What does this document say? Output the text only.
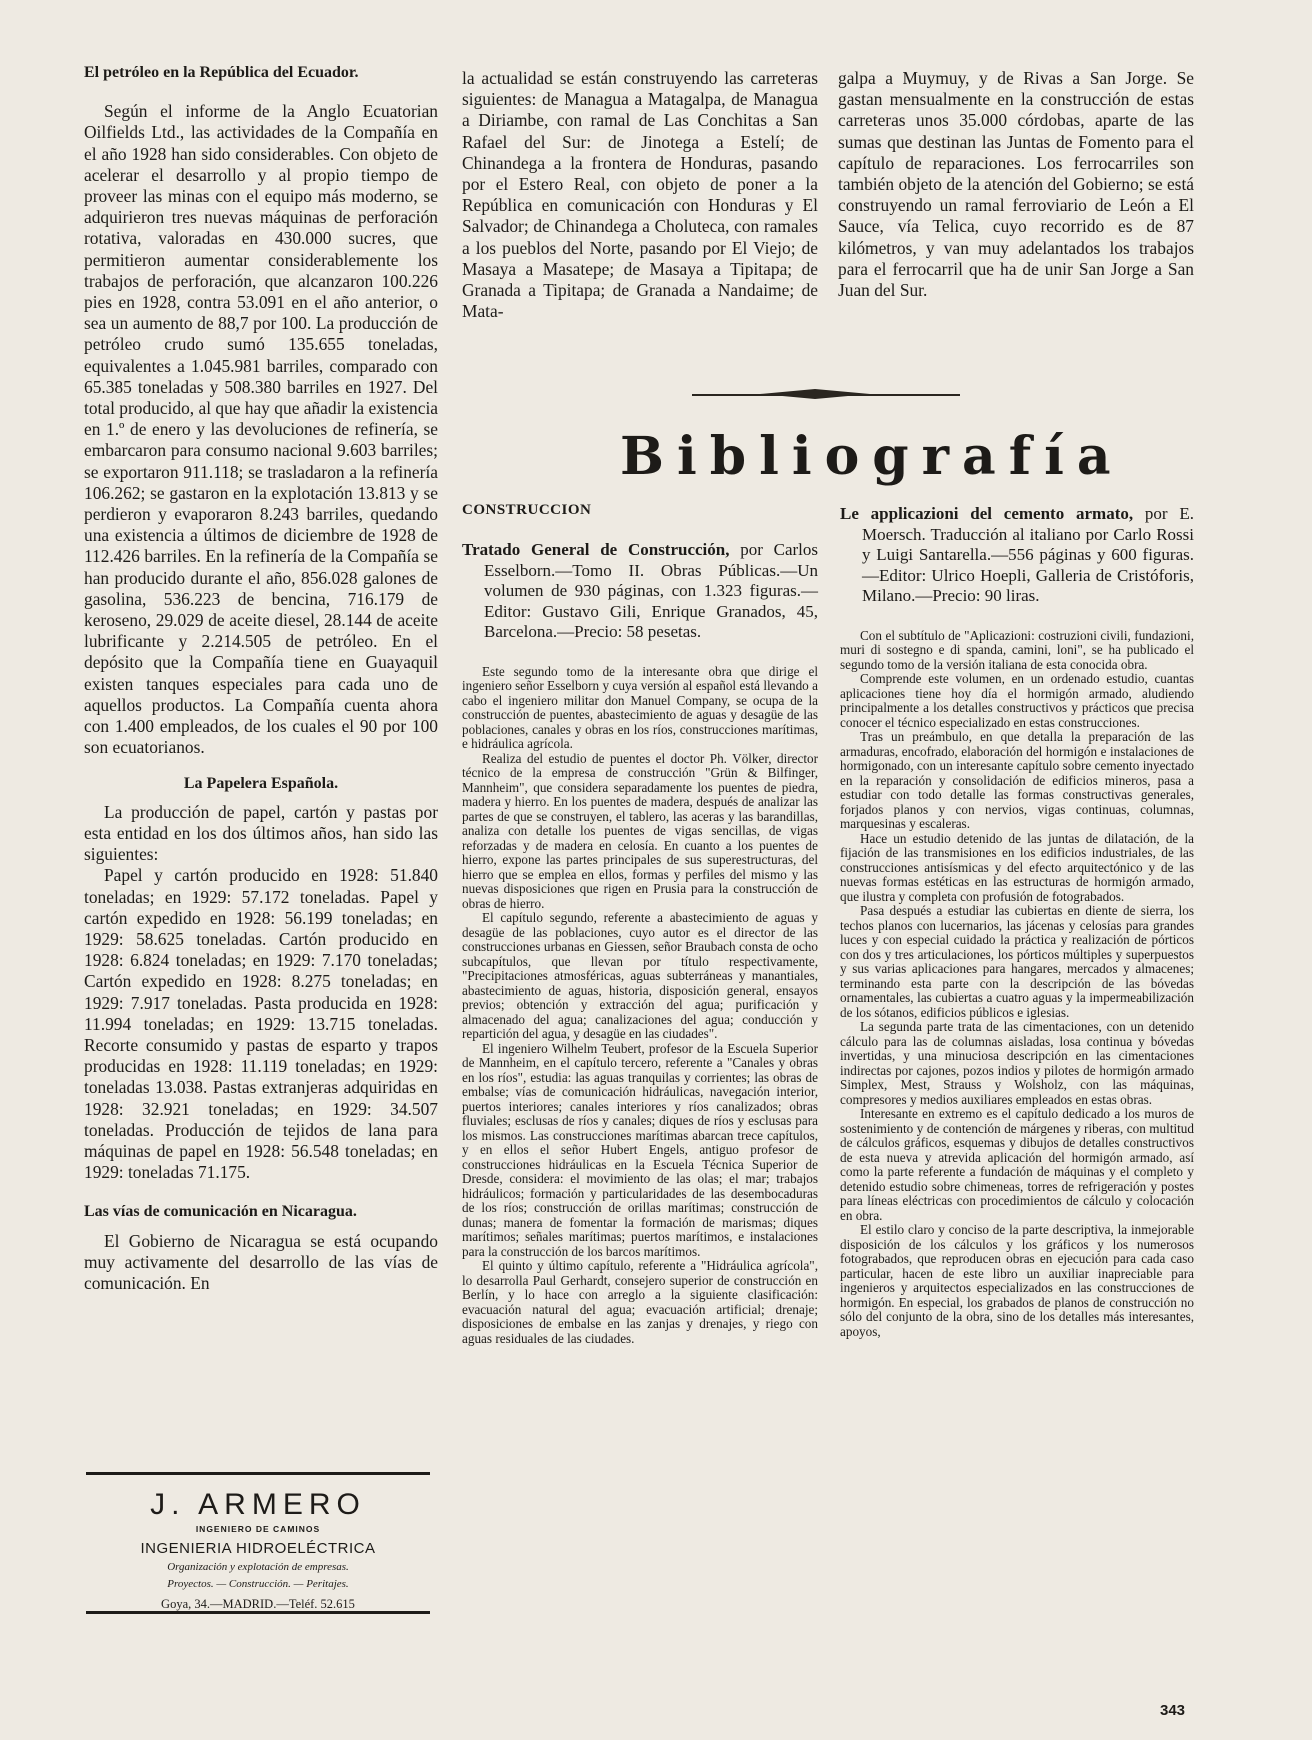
El petróleo en la República del Ecuador.

Según el informe de la Anglo Ecuatorian Oilfields Ltd., las actividades de la Compañía en el año 1928 han sido considerables. Con objeto de acelerar el desarrollo y al propio tiempo de proveer las minas con el equipo más moderno, se adquirieron tres nuevas máquinas de perforación rotativa, valoradas en 430.000 sucres, que permitieron aumentar considerablemente los trabajos de perforación, que alcanzaron 100.226 pies en 1928, contra 53.091 en el año anterior, o sea un aumento de 88,7 por 100. La producción de petróleo crudo sumó 135.655 toneladas, equivalentes a 1.045.981 barriles, comparado con 65.385 toneladas y 508.380 barriles en 1927. Del total producido, al que hay que añadir la existencia en 1.º de enero y las devoluciones de refinería, se embarcaron para consumo nacional 9.603 barriles; se exportaron 911.118; se trasladaron a la refinería 106.262; se gastaron en la explotación 13.813 y se perdieron y evaporaron 8.243 barriles, quedando una existencia a últimos de diciembre de 1928 de 112.426 barriles. En la refinería de la Compañía se han producido durante el año, 856.028 galones de gasolina, 536.223 de bencina, 716.179 de keroseno, 29.029 de aceite diesel, 28.144 de aceite lubrificante y 2.214.505 de petróleo. En el depósito que la Compañía tiene en Guayaquil existen tanques especiales para cada uno de aquellos productos. La Compañía cuenta ahora con 1.400 empleados, de los cuales el 90 por 100 son ecuatorianos.

La Papelera Española.

La producción de papel, cartón y pastas por esta entidad en los dos últimos años, han sido las siguientes:

Papel y cartón producido en 1928: 51.840 toneladas; en 1929: 57.172 toneladas. Papel y cartón expedido en 1928: 56.199 toneladas; en 1929: 58.625 toneladas. Cartón producido en 1928: 6.824 toneladas; en 1929: 7.170 toneladas; Cartón expedido en 1928: 8.275 toneladas; en 1929: 7.917 toneladas. Pasta producida en 1928: 11.994 toneladas; en 1929: 13.715 toneladas. Recorte consumido y pastas de esparto y trapos producidas en 1928: 11.119 toneladas; en 1929: toneladas 13.038. Pastas extranjeras adquiridas en 1928: 32.921 toneladas; en 1929: 34.507 toneladas. Producción de tejidos de lana para máquinas de papel en 1928: 56.548 toneladas; en 1929: toneladas 71.175.

Las vías de comunicación en Nicaragua.

El Gobierno de Nicaragua se está ocupando muy activamente del desarrollo de las vías de comunicación. En

la actualidad se están construyendo las carreteras siguientes: de Managua a Matagalpa, de Managua a Diriambe, con ramal de Las Conchitas a San Rafael del Sur: de Jinotega a Estelí; de Chinandega a la frontera de Honduras, pasando por el Estero Real, con objeto de poner a la República en comunicación con Honduras y El Salvador; de Chinandega a Choluteca, con ramales a los pueblos del Norte, pasando por El Viejo; de Masaya a Masatepe; de Masaya a Tipitapa; de Granada a Tipitapa; de Granada a Nandaime; de Mata-

galpa a Muymuy, y de Rivas a San Jorge. Se gastan mensualmente en la construcción de estas carreteras unos 35.000 córdobas, aparte de las sumas que destinan las Juntas de Fomento para el capítulo de reparaciones. Los ferrocarriles son también objeto de la atención del Gobierno; se está construyendo un ramal ferroviario de León a El Sauce, vía Telica, cuyo recorrido es de 87 kilómetros, y van muy adelantados los trabajos para el ferrocarril que ha de unir San Jorge a San Juan del Sur.

Bibliografía
CONSTRUCCION
Tratado General de Construcción, por Carlos Esselborn.—Tomo II. Obras Públicas.—Un volumen de 930 páginas, con 1.323 figuras.—Editor: Gustavo Gili, Enrique Granados, 45, Barcelona.—Precio: 58 pesetas.

Este segundo tomo de la interesante obra que dirige el ingeniero señor Esselborn y cuya versión al español está llevando a cabo el ingeniero militar don Manuel Company, se ocupa de la construcción de puentes, abastecimiento de aguas y desagüe de las poblaciones, canales y obras en los ríos, construcciones marítimas, e hidráulica agrícola.

Realiza del estudio de puentes el doctor Ph. Völker, director técnico de la empresa de construcción "Grün & Bilfinger, Mannheim", que considera separadamente los puentes de piedra, madera y hierro. En los puentes de madera, después de analizar las partes de que se construyen, el tablero, las aceras y las barandillas, analiza con detalle los puentes de vigas sencillas, de vigas reforzadas y de madera en celosía. En cuanto a los puentes de hierro, expone las partes principales de sus superestructuras, del hierro que se emplea en ellos, formas y perfiles del mismo y las nuevas disposiciones que rigen en Prusia para la construcción de obras de hierro.

El capítulo segundo, referente a abastecimiento de aguas y desagüe de las poblaciones, cuyo autor es el director de las construcciones urbanas en Giessen, señor Braubach consta de ocho subcapítulos, que llevan por título respectivamente, "Precipitaciones atmosféricas, aguas subterráneas y manantiales, abastecimiento de aguas, historia, disposición general, ensayos previos; obtención y extracción del agua; purificación y almacenado del agua; canalizaciones del agua; conducción y repartición del agua, y desagüe en las ciudades".

El ingeniero Wilhelm Teubert, profesor de la Escuela Superior de Mannheim, en el capítulo tercero, referente a "Canales y obras en los ríos", estudia: las aguas tranquilas y corrientes; las obras de embalse; vías de comunicación hidráulicas, navegación interior, puertos interiores; canales interiores y ríos canalizados; obras fluviales; esclusas de ríos y canales; diques de ríos y esclusas para los mismos. Las construcciones marítimas abarcan trece capítulos, y en ellos el señor Hubert Engels, antiguo profesor de construcciones hidráulicas en la Escuela Técnica Superior de Dresde, considera: el movimiento de las olas; el mar; trabajos hidráulicos; formación y particularidades de las desembocaduras de los ríos; construcción de orillas marítimas; construcción de dunas; manera de fomentar la formación de marismas; diques marítimos; señales marítimas; puertos marítimos, e instalaciones para la construcción de los barcos marítimos.

El quinto y último capítulo, referente a "Hidráulica agrícola", lo desarrolla Paul Gerhardt, consejero superior de construcción en Berlín, y lo hace con arreglo a la siguiente clasificación: evacuación natural del agua; evacuación artificial; drenaje; disposiciones de embalse en las zanjas y drenajes, y riego con aguas residuales de las ciudades.

Le applicazioni del cemento armato, por E. Moersch. Traducción al italiano por Carlo Rossi y Luigi Santarella.—556 páginas y 600 figuras.—Editor: Ulrico Hoepli, Galleria de Cristóforis, Milano.—Precio: 90 liras.

Con el subtítulo de "Aplicazioni: costruzioni civili, fundazioni, muri di sostegno e di spanda, camini, loni", se ha publicado el segundo tomo de la versión italiana de esta conocida obra.

Comprende este volumen, en un ordenado estudio, cuantas aplicaciones tiene hoy día el hormigón armado, aludiendo principalmente a los detalles constructivos y prácticos que precisa conocer el técnico especializado en estas construcciones.

Tras un preámbulo, en que detalla la preparación de las armaduras, encofrado, elaboración del hormigón e instalaciones de hormigonado, con un interesante capítulo sobre cemento inyectado en la reparación y consolidación de edificios mineros, pasa a estudiar con todo detalle las formas constructivas generales, forjados planos y con nervios, vigas continuas, columnas, marquesinas y escaleras.

Hace un estudio detenido de las juntas de dilatación, de la fijación de las transmisiones en los edificios industriales, de las construcciones antisísmicas y del efecto arquitectónico y de las nuevas formas estéticas en las estructuras de hormigón armado, que ilustra y completa con profusión de fotograbados.

Pasa después a estudiar las cubiertas en diente de sierra, los techos planos con lucernarios, las jácenas y celosías para grandes luces y con especial cuidado la práctica y realización de pórticos con dos y tres articulaciones, los pórticos múltiples y superpuestos y sus varias aplicaciones para hangares, mercados y almacenes; terminando esta parte con la descripción de las bóvedas ornamentales, las cubiertas a cuatro aguas y la impermeabilización de los sótanos, edificios públicos e iglesias.

La segunda parte trata de las cimentaciones, con un detenido cálculo para las de columnas aisladas, losa continua y bóvedas invertidas, y una minuciosa descripción en las cimentaciones indirectas por cajones, pozos indios y pilotes de hormigón armado Simplex, Mest, Strauss y Wolsholz, con las máquinas, compresores y medios auxiliares empleados en estas obras.

Interesante en extremo es el capítulo dedicado a los muros de sostenimiento y de contención de márgenes y riberas, con multitud de cálculos gráficos, esquemas y dibujos de detalles constructivos de esta nueva y atrevida aplicación del hormigón armado, así como la parte referente a fundación de máquinas y el completo y detenido estudio sobre chimeneas, torres de refrigeración y postes para líneas eléctricas con procedimientos de cálculo y colocación en obra.

El estilo claro y conciso de la parte descriptiva, la inmejorable disposición de los cálculos y los gráficos y los numerosos fotograbados, que reproducen obras en ejecución para cada caso particular, hacen de este libro un auxiliar inapreciable para ingenieros y arquitectos especializados en las construcciones de hormigón. En especial, los grabados de planos de construcción no sólo del conjunto de la obra, sino de los detalles más interesantes, apoyos,

J. ARMERO
INGENIERO DE CAMINOS
INGENIERIA HIDROELÉCTRICA
Organización y explotación de empresas.
Proyectos. — Construcción. — Peritajes.
Goya, 34.—MADRID.—Teléf. 52.615
343
